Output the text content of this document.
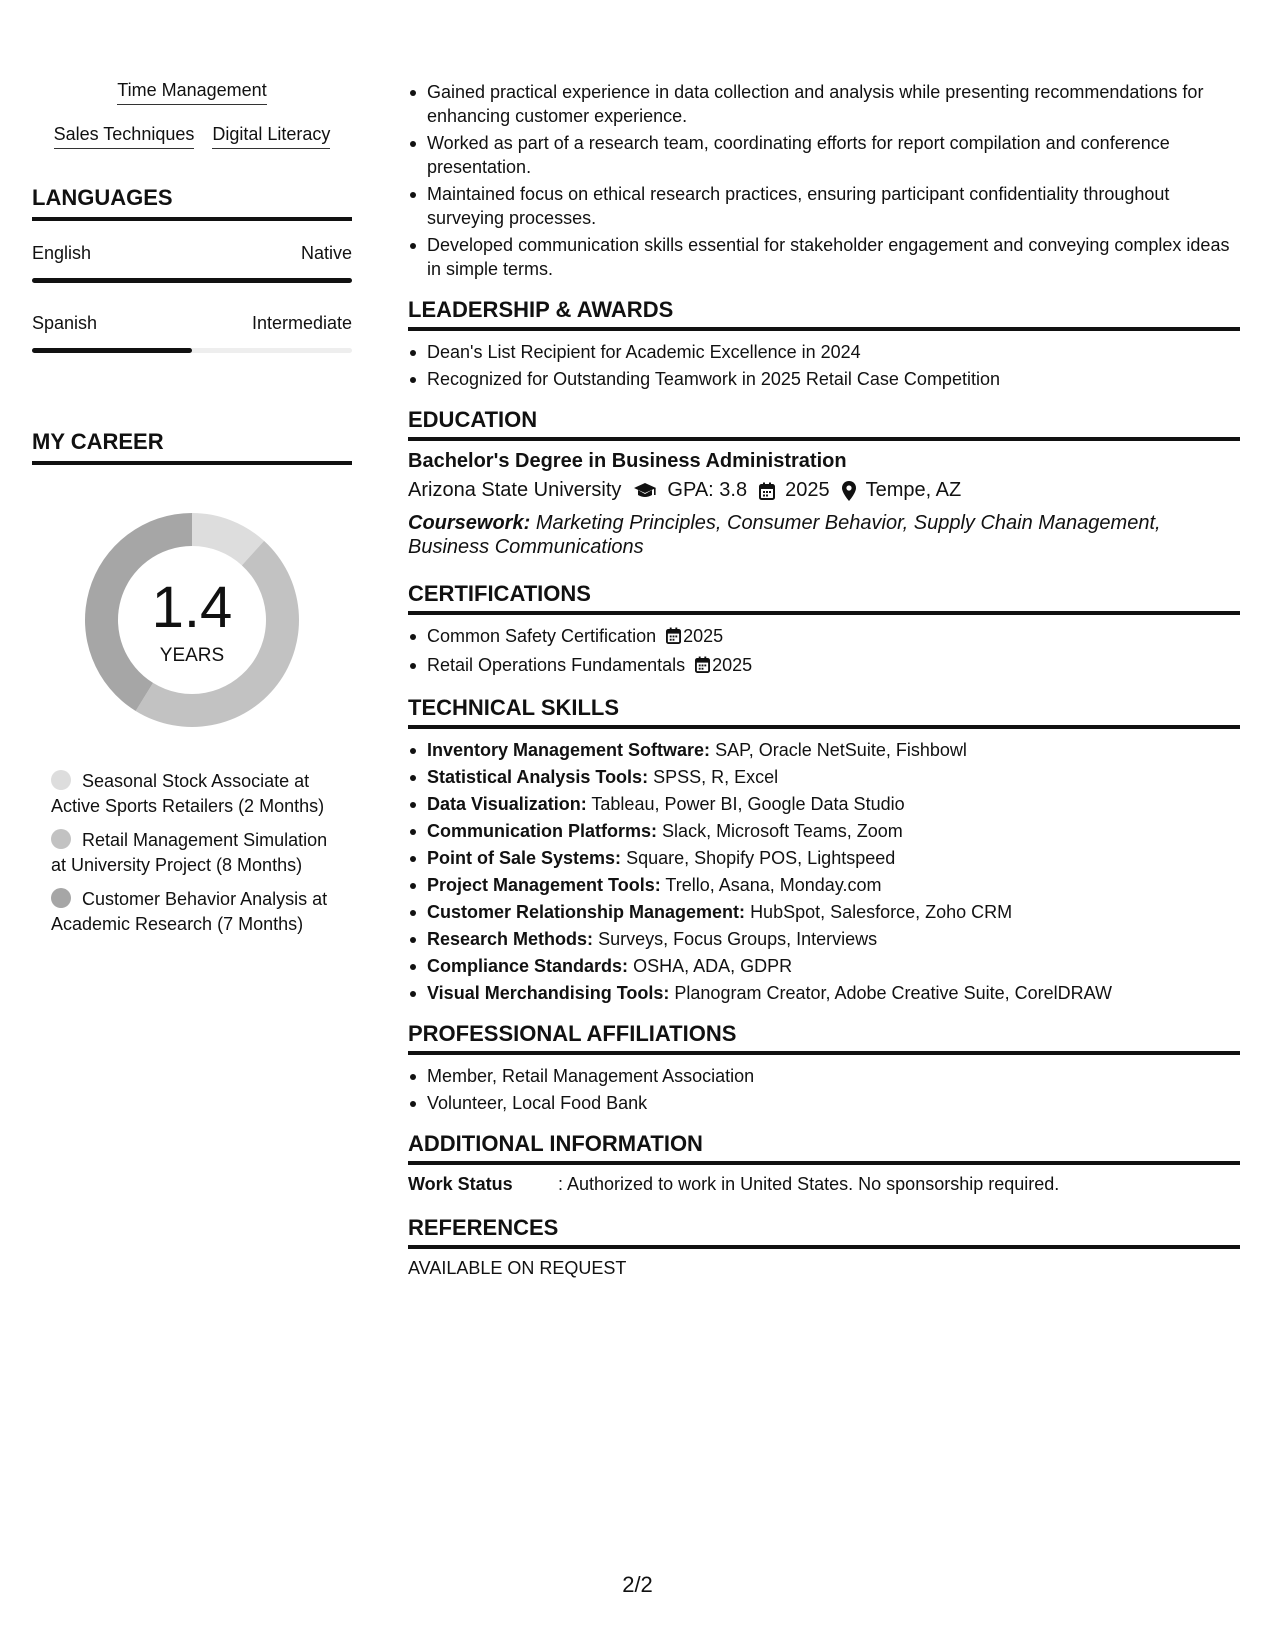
Time Management
Sales Techniques Digital Literacy
LANGUAGES
English	Native
Spanish	Intermediate
MY CAREER
1.4
YEARS
Seasonal Stock Associate at Active Sports Retailers (2 Months)
Retail Management Simulation at University Project (8 Months)
Customer Behavior Analysis at Academic Research (7 Months)
Gained practical experience in data collection and analysis while presenting recommendations for enhancing customer experience.
Worked as part of a research team, coordinating efforts for report compilation and conference presentation.
Maintained focus on ethical research practices, ensuring participant confidentiality throughout surveying processes.
Developed communication skills essential for stakeholder engagement and conveying complex ideas in simple terms.
LEADERSHIP & AWARDS
Dean's List Recipient for Academic Excellence in 2024
Recognized for Outstanding Teamwork in 2025 Retail Case Competition
EDUCATION
Bachelor's Degree in Business Administration
Arizona State University GPA: 3.8 2025 Tempe, AZ
Coursework: Marketing Principles, Consumer Behavior, Supply Chain Management, Business Communications
CERTIFICATIONS
Common Safety Certification 2025
Retail Operations Fundamentals 2025
TECHNICAL SKILLS
Inventory Management Software: SAP, Oracle NetSuite, Fishbowl
Statistical Analysis Tools: SPSS, R, Excel
Data Visualization: Tableau, Power BI, Google Data Studio
Communication Platforms: Slack, Microsoft Teams, Zoom
Point of Sale Systems: Square, Shopify POS, Lightspeed
Project Management Tools: Trello, Asana, Monday.com
Customer Relationship Management: HubSpot, Salesforce, Zoho CRM
Research Methods: Surveys, Focus Groups, Interviews
Compliance Standards: OSHA, ADA, GDPR
Visual Merchandising Tools: Planogram Creator, Adobe Creative Suite, CorelDRAW
PROFESSIONAL AFFILIATIONS
Member, Retail Management Association
Volunteer, Local Food Bank
ADDITIONAL INFORMATION
Work Status	: Authorized to work in United States. No sponsorship required.
REFERENCES
AVAILABLE ON REQUEST
2/2
